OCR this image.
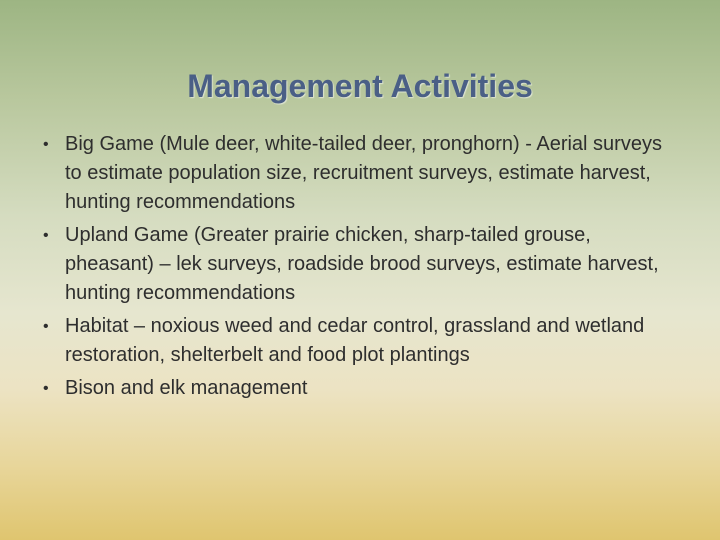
Management Activities
• Big Game (Mule deer, white-tailed deer, pronghorn) - Aerial surveys to estimate population size, recruitment surveys, estimate harvest, hunting recommendations
• Upland Game (Greater prairie chicken, sharp-tailed grouse, pheasant) – lek surveys, roadside brood surveys, estimate harvest, hunting recommendations
• Habitat – noxious weed and cedar control, grassland and wetland restoration, shelterbelt and food plot plantings
• Bison and elk management
